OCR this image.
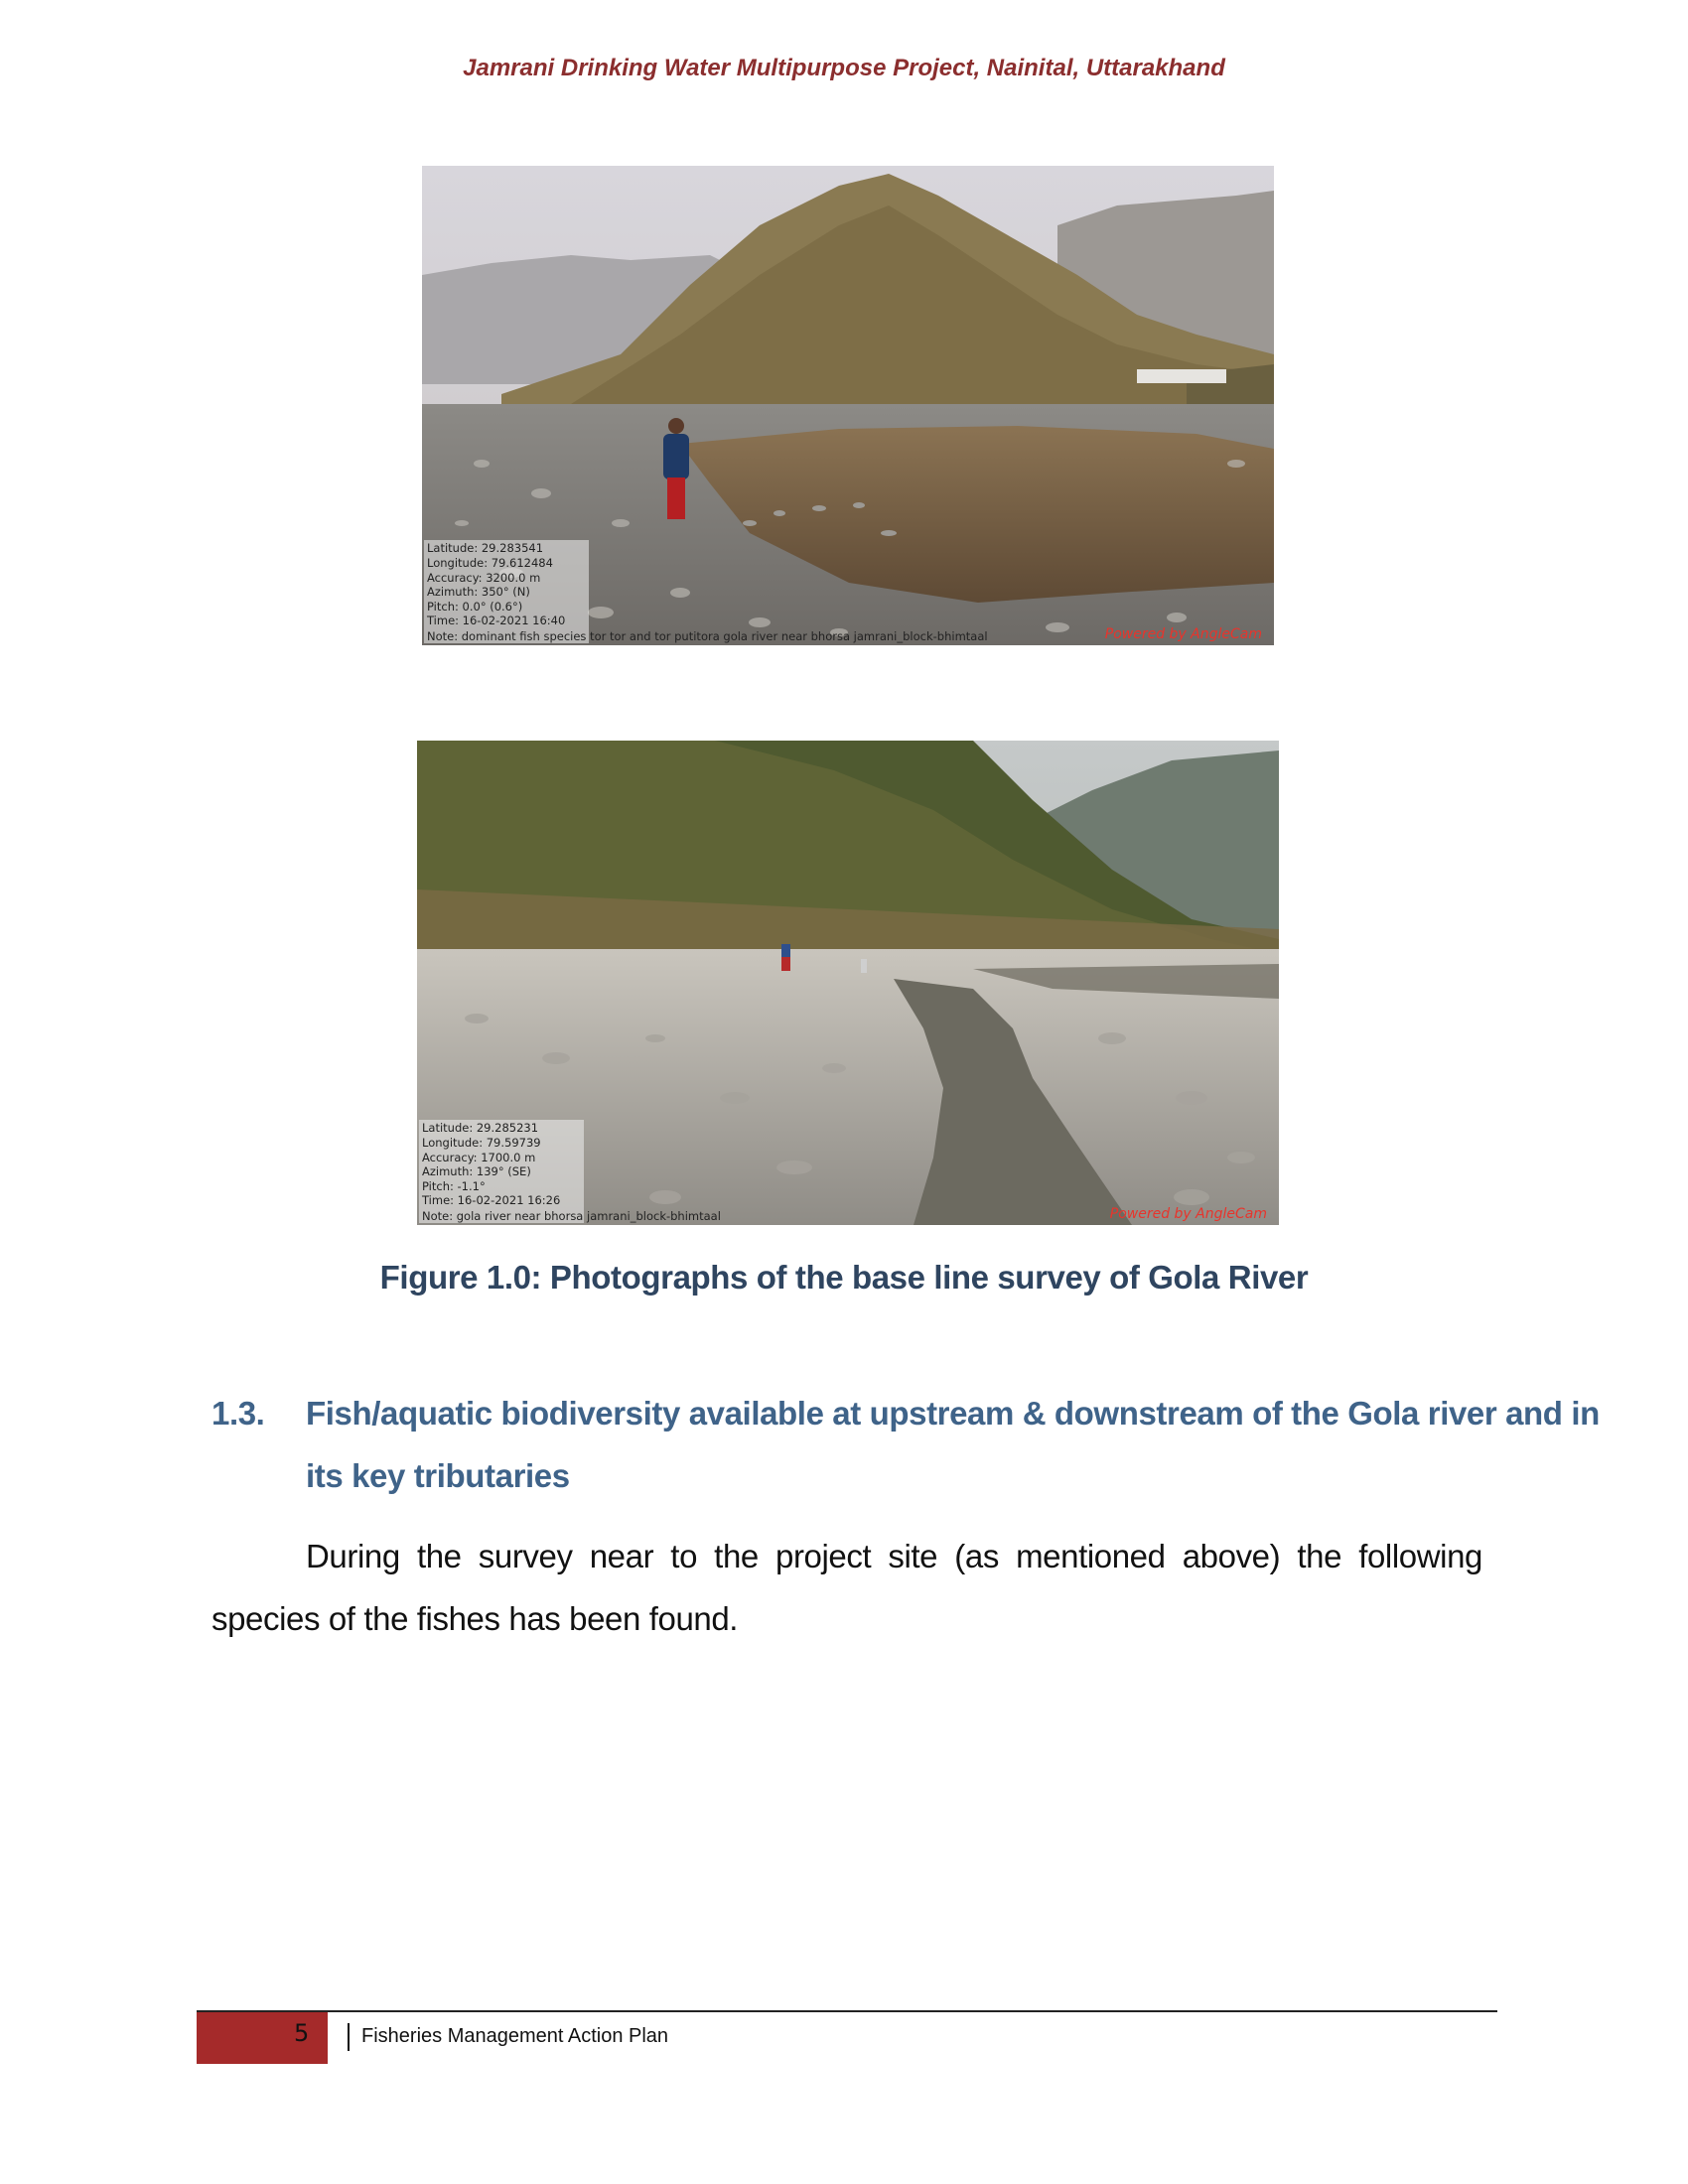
Jamrani Drinking Water Multipurpose Project, Nainital, Uttarakhand
Latitude: 29.283541
Longitude: 79.612484
Accuracy: 3200.0 m
Azimuth: 350° (N)
Pitch: 0.0° (0.6°)
Time: 16-02-2021 16:40
Note: dominant fish species tor tor and tor putitora gola river near bhorsa jamrani_block-bhimtaal	Powered by AngleCam
Latitude: 29.285231
Longitude: 79.59739
Accuracy: 1700.0 m
Azimuth: 139° (SE)
Pitch: -1.1°
Time: 16-02-2021 16:26
Note: gola river near bhorsa jamrani_block-bhimtaal	Powered by AngleCam
Figure 1.0: Photographs of the base line survey of Gola River
1.3.	Fish/aquatic biodiversity available at upstream & downstream of the Gola river and in its key tributaries
During the survey near to the project site (as mentioned above) the following species of the fishes has been found.
5	Fisheries Management Action Plan
